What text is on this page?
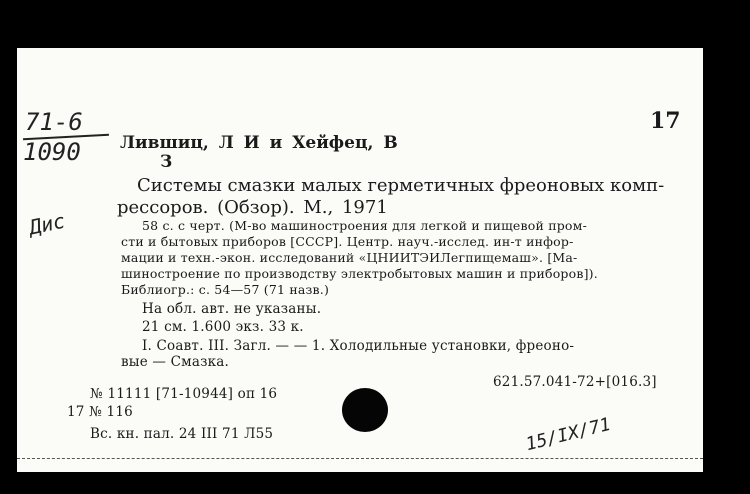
71-6
1090
Дис
17
Лившиц, Л И и Хейфец, В
З
Системы смазки малых герметичных фреоновых комп-
рессоров. (Обзор). М., 1971
58 с. с черт. (М-во машиностроения для легкой и пищевой пром-
сти и бытовых приборов [СССР]. Центр. науч.-исслед. ин-т инфор-
мации и техн.-экон. исследований «ЦНИИТЭИЛегпищемаш». [Ма-
шиностроение по производству электробытовых машин и приборов]).
Библиогр.: с. 54—57 (71 назв.)
На обл. авт. не указаны.
21 см. 1.600 экз. 33 к.
I. Соавт. III. Загл. — — 1. Холодильные установки, фреоно-
вые — Смазка.
621.57.041-72+[016.3]
№ 11111 [71-10944] оп 16
17 № 116
Вс. кн. пал. 24 III 71 Л55	15/IX/71
